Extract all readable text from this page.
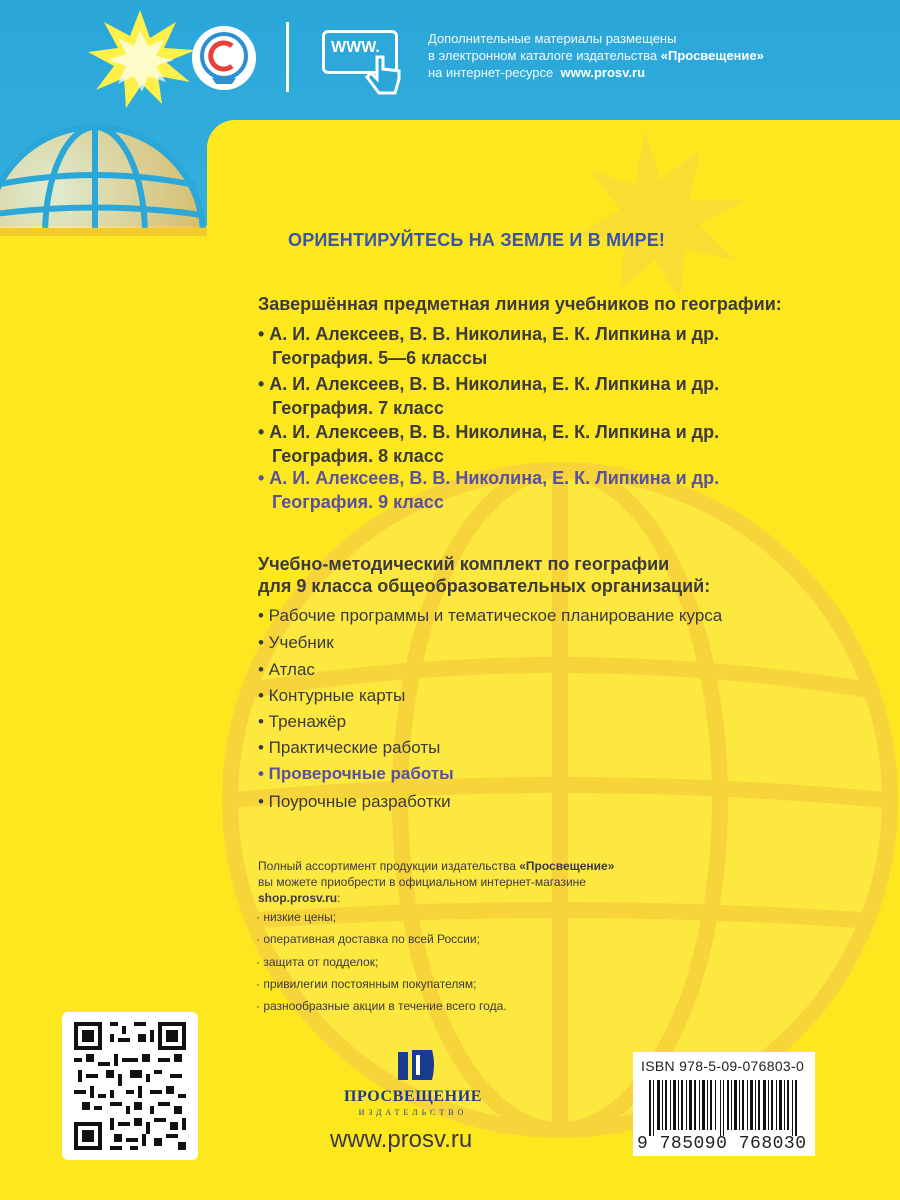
WWW.
Дополнительные материалы размещены
в электронном каталоге издательства «Просвещение»
на интернет-ресурсе www.prosv.ru
ОРИЕНТИРУЙТЕСЬ НА ЗЕМЛЕ И В МИРЕ!
Завершённая предметная линия учебников по географии:
• А. И. Алексеев, В. В. Николина, Е. К. Липкина и др.
География. 5—6 классы
• А. И. Алексеев, В. В. Николина, Е. К. Липкина и др.
География. 7 класс
• А. И. Алексеев, В. В. Николина, Е. К. Липкина и др.
География. 8 класс
• А. И. Алексеев, В. В. Николина, Е. К. Липкина и др.
География. 9 класс
Учебно-методический комплект по географии
для 9 класса общеобразовательных организаций:
• Рабочие программы и тематическое планирование курса
• Учебник
• Атлас
• Контурные карты
• Тренажёр
• Практические работы
• Проверочные работы
• Поурочные разработки
Полный ассортимент продукции издательства «Просвещение»
вы можете приобрести в официальном интернет-магазине
shop.prosv.ru:
· низкие цены;
· оперативная доставка по всей России;
· защита от подделок;
· привилегии постоянным покупателям;
· разнообразные акции в течение всего года.
ПРОСВЕЩЕНИЕ
ИЗДАТЕЛЬСТВО
www.prosv.ru
ISBN 978-5-09-076803-0
9 785090 768030
